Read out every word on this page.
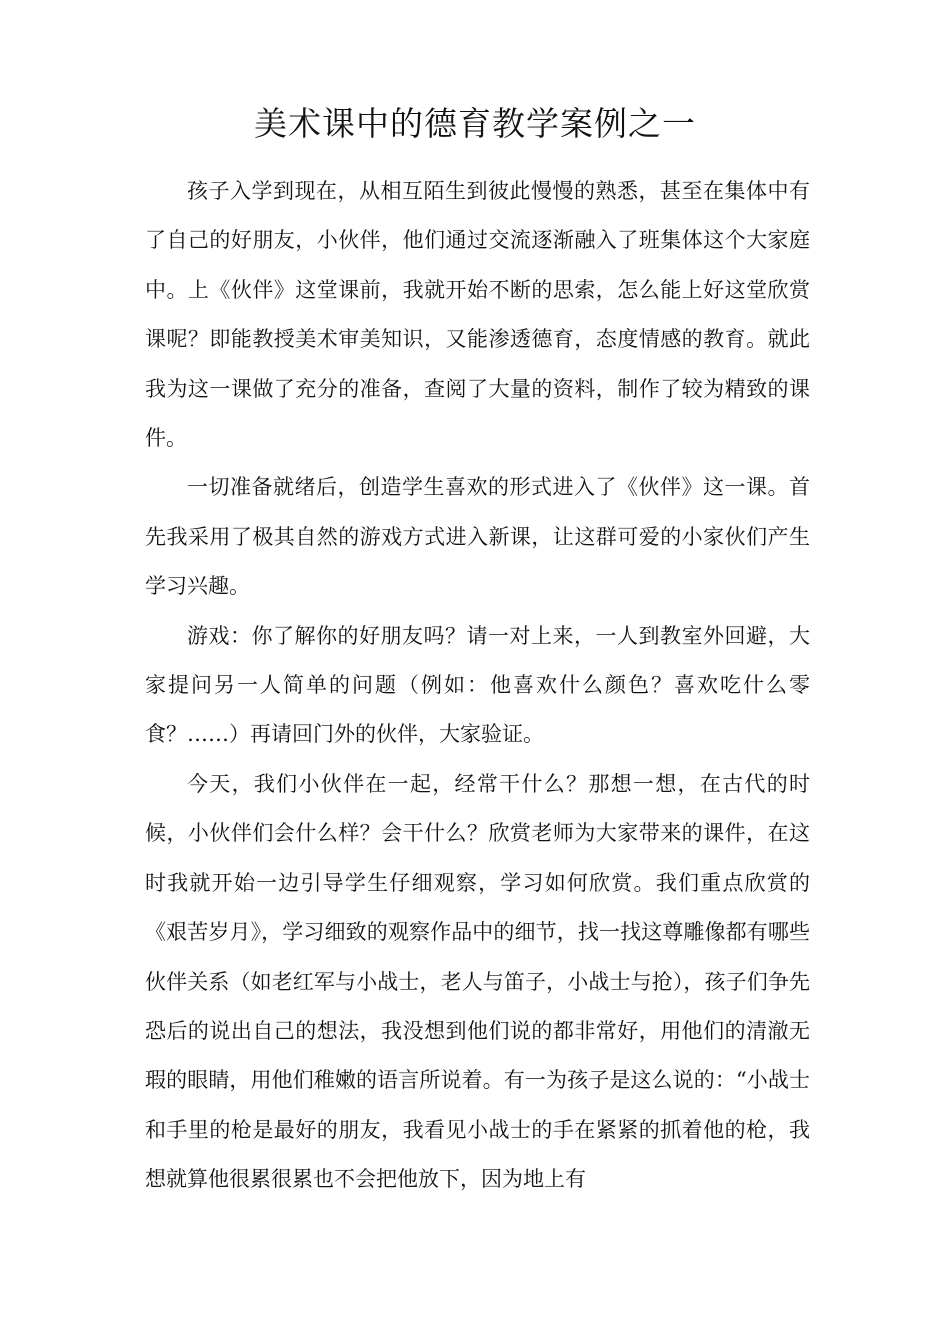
美术课中的德育教学案例之一

孩子入学到现在，从相互陌生到彼此慢慢的熟悉，甚至在集体中有了自己的好朋友，小伙伴，他们通过交流逐渐融入了班集体这个大家庭中。上《伙伴》这堂课前，我就开始不断的思索，怎么能上好这堂欣赏课呢？即能教授美术审美知识，又能渗透德育，态度情感的教育。就此我为这一课做了充分的准备，查阅了大量的资料，制作了较为精致的课件。

一切准备就绪后，创造学生喜欢的形式进入了《伙伴》这一课。首先我采用了极其自然的游戏方式进入新课，让这群可爱的小家伙们产生学习兴趣。

游戏：你了解你的好朋友吗？请一对上来，一人到教室外回避，大家提问另一人简单的问题（例如：他喜欢什么颜色？喜欢吃什么零食？……）再请回门外的伙伴，大家验证。

今天，我们小伙伴在一起，经常干什么？那想一想，在古代的时候，小伙伴们会什么样？会干什么？欣赏老师为大家带来的课件，在这时我就开始一边引导学生仔细观察，学习如何欣赏。我们重点欣赏的《艰苦岁月》，学习细致的观察作品中的细节，找一找这尊雕像都有哪些伙伴关系（如老红军与小战士，老人与笛子，小战士与抢），孩子们争先恐后的说出自己的想法，我没想到他们说的都非常好，用他们的清澈无瑕的眼睛，用他们稚嫩的语言所说着。有一为孩子是这么说的：“小战士和手里的枪是最好的朋友，我看见小战士的手在紧紧的抓着他的枪，我想就算他很累很累也不会把他放下，因为地上有
